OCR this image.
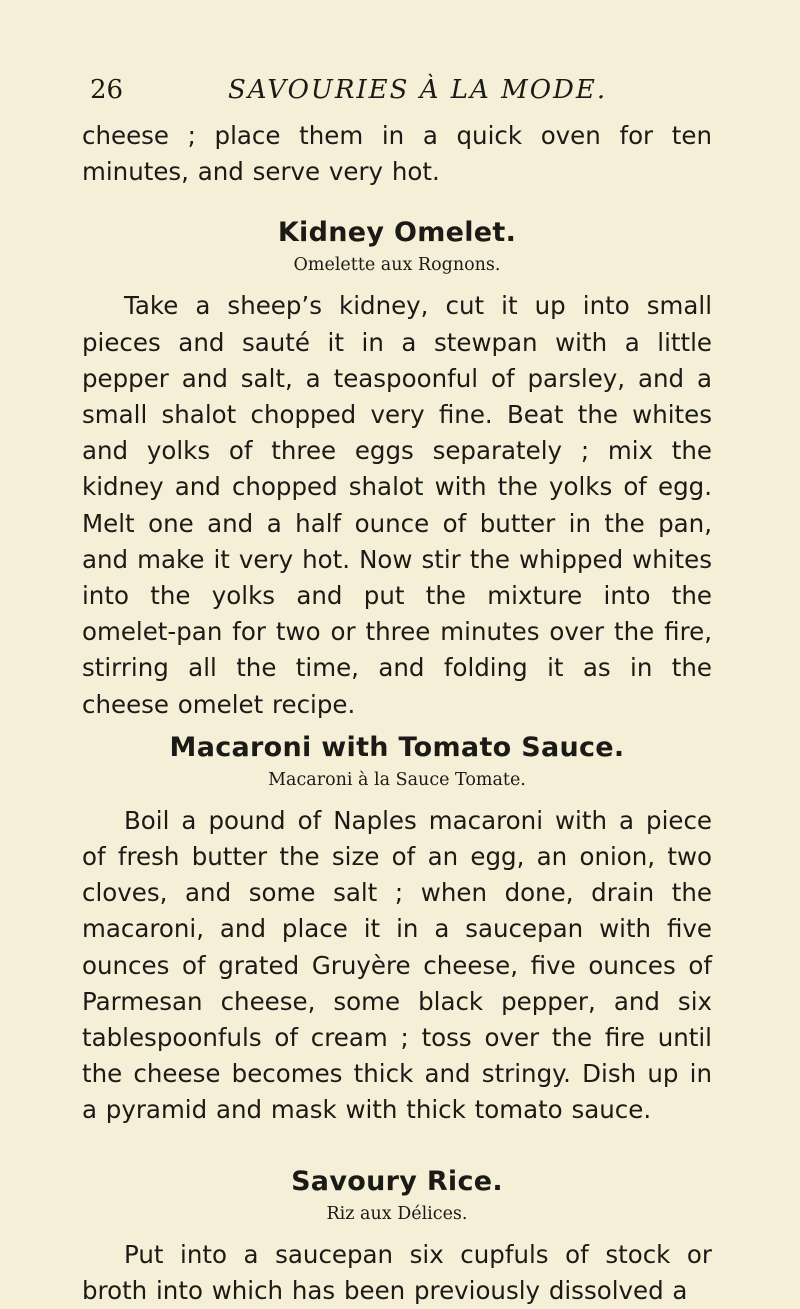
26	SAVOURIES À LA MODE.

cheese ; place them in a quick oven for ten minutes, and serve very hot.

Kidney Omelet.

Omelette aux Rognons.

Take a sheep’s kidney, cut it up into small pieces and sauté it in a stewpan with a little pepper and salt, a teaspoonful of parsley, and a small shalot chopped very fine. Beat the whites and yolks of three eggs separately ; mix the kidney and chopped shalot with the yolks of egg. Melt one and a half ounce of butter in the pan, and make it very hot. Now stir the whipped whites into the yolks and put the mixture into the omelet-pan for two or three minutes over the fire, stirring all the time, and folding it as in the cheese omelet recipe.

Macaroni with Tomato Sauce.

Macaroni à la Sauce Tomate.

Boil a pound of Naples macaroni with a piece of fresh butter the size of an egg, an onion, two cloves, and some salt ; when done, drain the macaroni, and place it in a saucepan with five ounces of grated Gruyère cheese, five ounces of Parmesan cheese, some black pepper, and six tablespoonfuls of cream ; toss over the fire until the cheese becomes thick and stringy. Dish up in a pyramid and mask with thick tomato sauce.

Savoury Rice.

Riz aux Délices.

Put into a saucepan six cupfuls of stock or broth into which has been previously dissolved a
